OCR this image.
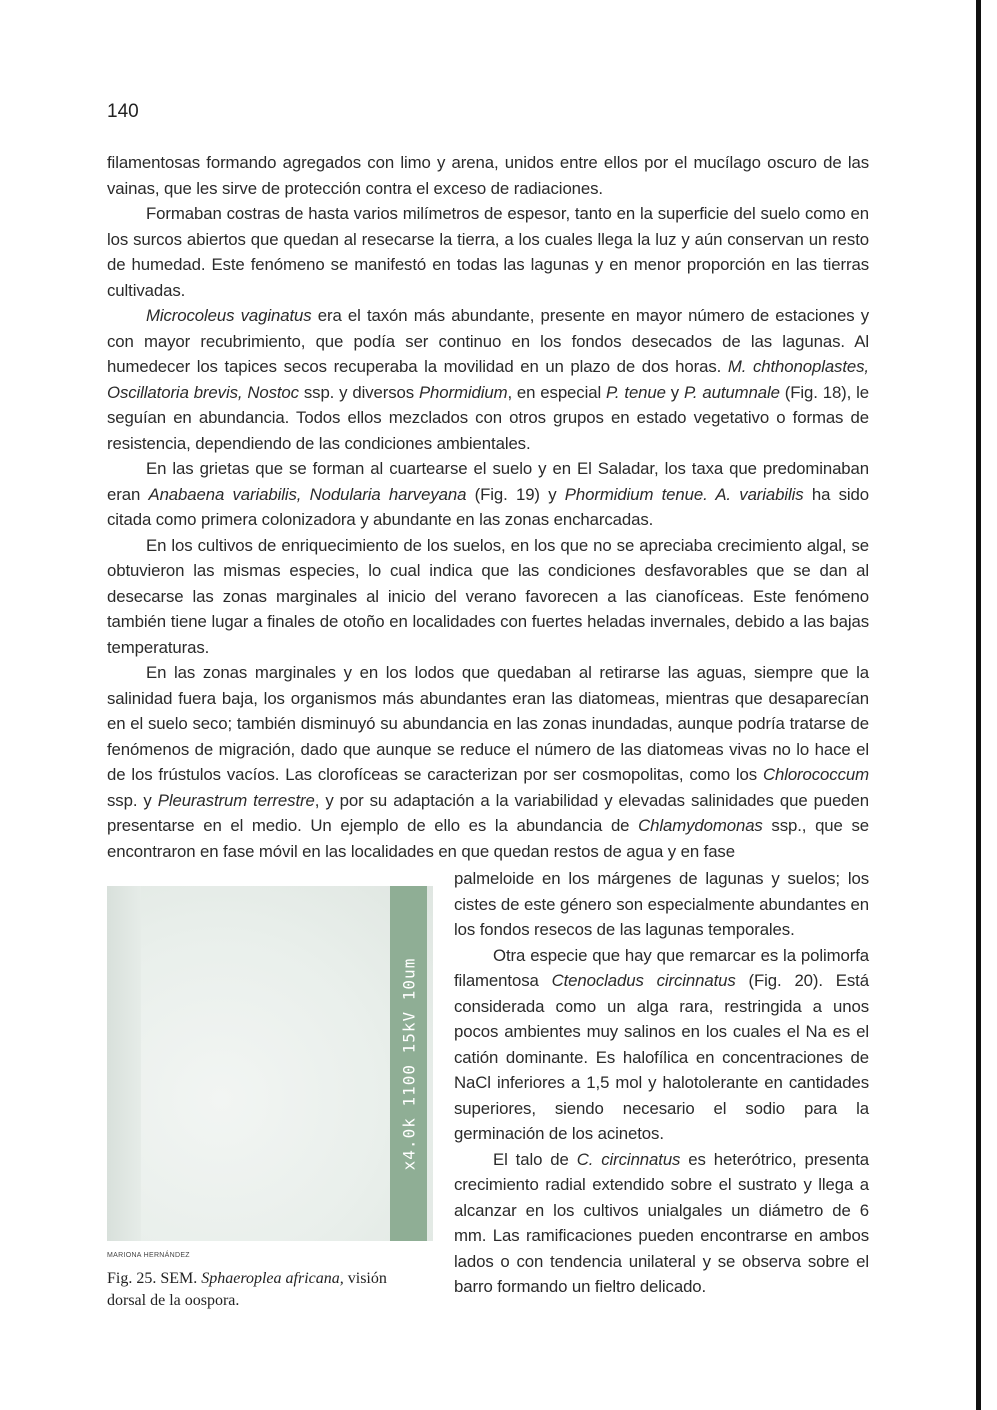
140

filamentosas formando agregados con limo y arena, unidos entre ellos por el mucílago oscuro de las vainas, que les sirve de protección contra el exceso de radiaciones.

Formaban costras de hasta varios milímetros de espesor, tanto en la superficie del suelo como en los surcos abiertos que quedan al resecarse la tierra, a los cuales llega la luz y aún conservan un resto de humedad. Este fenómeno se manifestó en todas las lagunas y en menor proporción en las tierras cultivadas.

Microcoleus vaginatus era el taxón más abundante, presente en mayor número de estaciones y con mayor recubrimiento, que podía ser continuo en los fondos desecados de las lagunas. Al humedecer los tapices secos recuperaba la movilidad en un plazo de dos horas. M. chthonoplastes, Oscillatoria brevis, Nostoc ssp. y diversos Phormidium, en especial P. tenue y P. autumnale (Fig. 18), le seguían en abundancia. Todos ellos mezclados con otros grupos en estado vegetativo o formas de resistencia, dependiendo de las condiciones ambientales.

En las grietas que se forman al cuartearse el suelo y en El Saladar, los taxa que predominaban eran Anabaena variabilis, Nodularia harveyana (Fig. 19) y Phormidium tenue. A. variabilis ha sido citada como primera colonizadora y abundante en las zonas encharcadas.

En los cultivos de enriquecimiento de los suelos, en los que no se apreciaba crecimiento algal, se obtuvieron las mismas especies, lo cual indica que las condiciones desfavorables que se dan al desecarse las zonas marginales al inicio del verano favorecen a las cianofíceas. Este fenómeno también tiene lugar a finales de otoño en localidades con fuertes heladas invernales, debido a las bajas temperaturas.

En las zonas marginales y en los lodos que quedaban al retirarse las aguas, siempre que la salinidad fuera baja, los organismos más abundantes eran las diatomeas, mientras que desaparecían en el suelo seco; también disminuyó su abundancia en las zonas inundadas, aunque podría tratarse de fenómenos de migración, dado que aunque se reduce el número de las diatomeas vivas no lo hace el de los frústulos vacíos. Las clorofíceas se caracterizan por ser cosmopolitas, como los Chlorococcum ssp. y Pleurastrum terrestre, y por su adaptación a la variabilidad y elevadas salinidades que pueden presentarse en el medio. Un ejemplo de ello es la abundancia de Chlamydomonas ssp., que se encontraron en fase móvil en las localidades en que quedan restos de agua y en fase

x4.0k 1100 15kV 10um

palmeloide en los márgenes de lagunas y suelos; los cistes de este género son especialmente abundantes en los fondos resecos de las lagunas temporales.

Otra especie que hay que remarcar es la polimorfa filamentosa Ctenocladus circinnatus (Fig. 20). Está considerada como un alga rara, restringida a unos pocos ambientes muy salinos en los cuales el Na es el catión dominante. Es halofílica en concentraciones de NaCl inferiores a 1,5 mol y halotolerante en cantidades superiores, siendo necesario el sodio para la germinación de los acinetos.

El talo de C. circinnatus es heterótrico, presenta crecimiento radial extendido sobre el sustrato y llega a alcanzar en los cultivos unialgales un diámetro de 6 mm. Las ramificaciones pueden encontrarse en ambos lados o con tendencia unilateral y se observa sobre el barro formando un fieltro delicado.

MARIONA HERNÁNDEZ
Fig. 25. SEM. Sphaeroplea africana, visión dorsal de la oospora.
